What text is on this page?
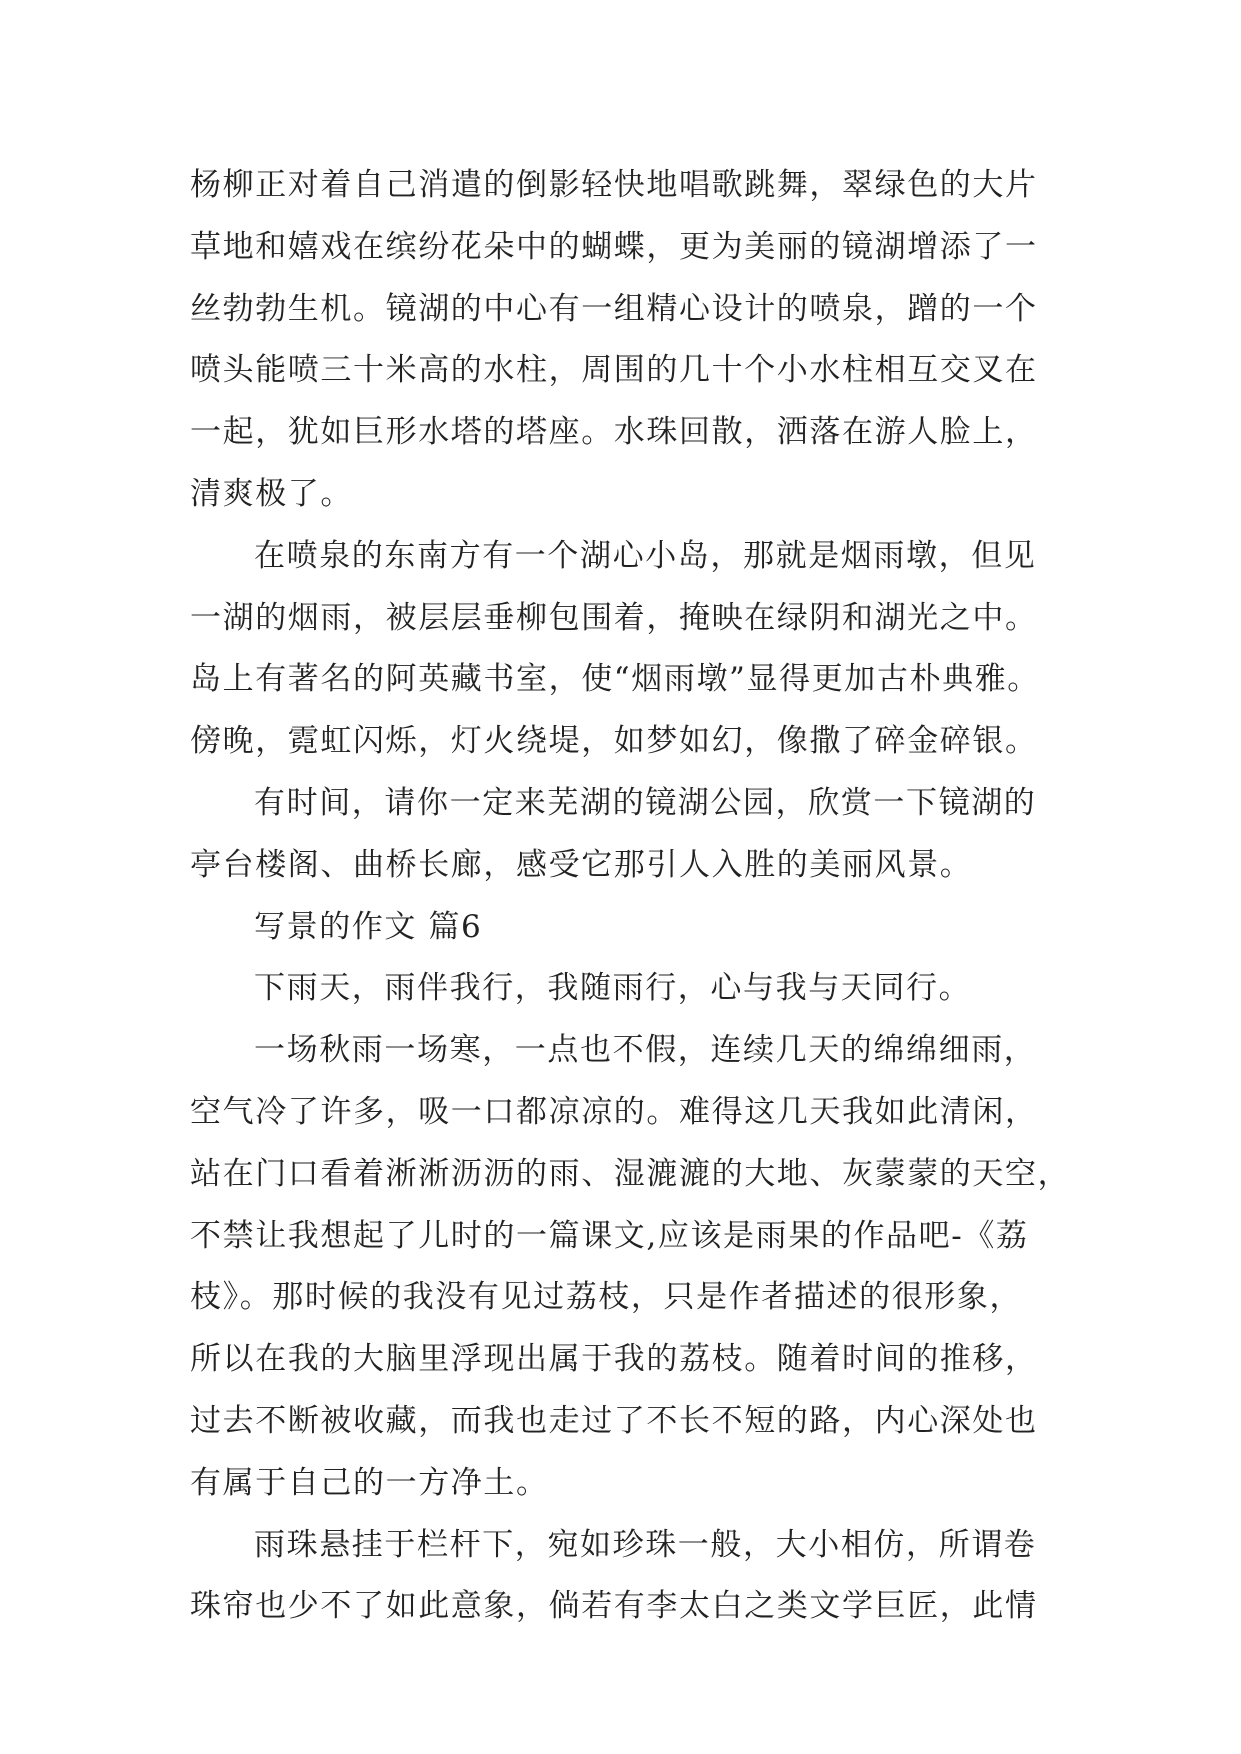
杨柳正对着自己消遣的倒影轻快地唱歌跳舞，翠绿色的大片
草地和嬉戏在缤纷花朵中的蝴蝶，更为美丽的镜湖增添了一
丝勃勃生机。镜湖的中心有一组精心设计的喷泉，蹭的一个
喷头能喷三十米高的水柱，周围的几十个小水柱相互交叉在
一起，犹如巨形水塔的塔座。水珠回散，洒落在游人脸上，
清爽极了。
在喷泉的东南方有一个湖心小岛，那就是烟雨墩，但见
一湖的烟雨，被层层垂柳包围着，掩映在绿阴和湖光之中。
岛上有著名的阿英藏书室，使“烟雨墩”显得更加古朴典雅。
傍晚，霓虹闪烁，灯火绕堤，如梦如幻，像撒了碎金碎银。
有时间，请你一定来芜湖的镜湖公园，欣赏一下镜湖的
亭台楼阁、曲桥长廊，感受它那引人入胜的美丽风景。
写景的作文 篇6
下雨天，雨伴我行，我随雨行，心与我与天同行。
一场秋雨一场寒，一点也不假，连续几天的绵绵细雨，
空气冷了许多，吸一口都凉凉的。难得这几天我如此清闲，
站在门口看着淅淅沥沥的雨、湿漉漉的大地、灰蒙蒙的天空，
不禁让我想起了儿时的一篇课文,应该是雨果的作品吧-《荔
枝》。那时候的我没有见过荔枝，只是作者描述的很形象，
所以在我的大脑里浮现出属于我的荔枝。随着时间的推移，
过去不断被收藏，而我也走过了不长不短的路，内心深处也
有属于自己的一方净土。
雨珠悬挂于栏杆下，宛如珍珠一般，大小相仿，所谓卷
珠帘也少不了如此意象，倘若有李太白之类文学巨匠，此情
